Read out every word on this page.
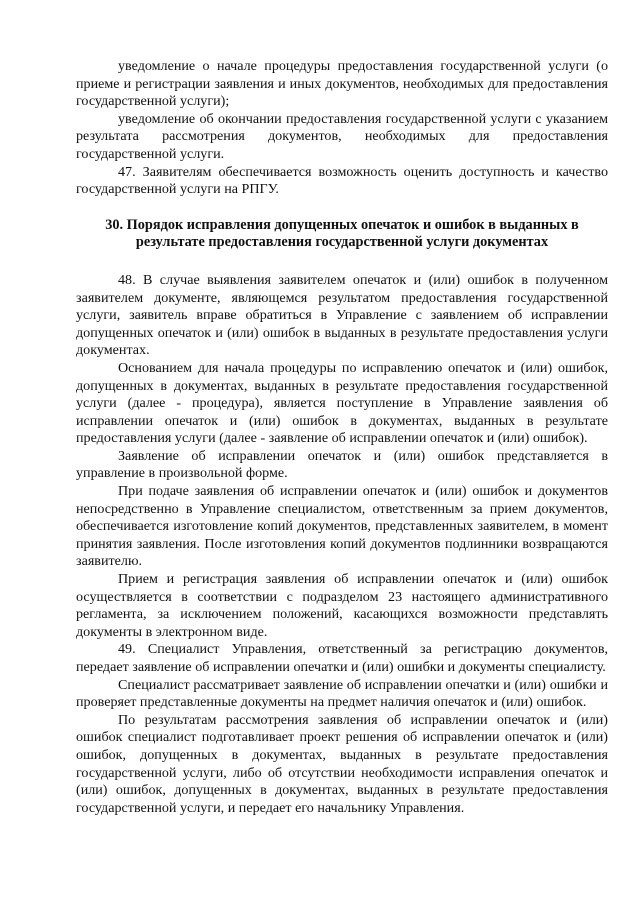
уведомление о начале процедуры предоставления государственной услуги (о приеме и регистрации заявления и иных документов, необходимых для предоставления государственной услуги);

уведомление об окончании предоставления государственной услуги с указанием результата рассмотрения документов, необходимых для предоставления государственной услуги.

47. Заявителям обеспечивается возможность оценить доступность и качество государственной услуги на РПГУ.

30. Порядок исправления допущенных опечаток и ошибок в выданных в
результате предоставления государственной услуги документах

48. В случае выявления заявителем опечаток и (или) ошибок в полученном заявителем документе, являющемся результатом предоставления государственной услуги, заявитель вправе обратиться в Управление с заявлением об исправлении допущенных опечаток и (или) ошибок в выданных в результате предоставления услуги документах.

Основанием для начала процедуры по исправлению опечаток и (или) ошибок, допущенных в документах, выданных в результате предоставления государственной услуги (далее - процедура), является поступление в Управление заявления об исправлении опечаток и (или) ошибок в документах, выданных в результате предоставления услуги (далее - заявление об исправлении опечаток и (или) ошибок).

Заявление об исправлении опечаток и (или) ошибок представляется в управление в произвольной форме.

При подаче заявления об исправлении опечаток и (или) ошибок и документов непосредственно в Управление специалистом, ответственным за прием документов, обеспечивается изготовление копий документов, представленных заявителем, в момент принятия заявления. После изготовления копий документов подлинники возвращаются заявителю.

Прием и регистрация заявления об исправлении опечаток и (или) ошибок осуществляется в соответствии с подразделом 23 настоящего административного регламента, за исключением положений, касающихся возможности представлять документы в электронном виде.

49. Специалист Управления, ответственный за регистрацию документов, передает заявление об исправлении опечатки и (или) ошибки и документы специалисту.

Специалист рассматривает заявление об исправлении опечатки и (или) ошибки и проверяет представленные документы на предмет наличия опечаток и (или) ошибок.

По результатам рассмотрения заявления об исправлении опечаток и (или) ошибок специалист подготавливает проект решения об исправлении опечаток и (или) ошибок, допущенных в документах, выданных в результате предоставления государственной услуги, либо об отсутствии необходимости исправления опечаток и (или) ошибок, допущенных в документах, выданных в результате предоставления государственной услуги, и передает его начальнику Управления.
